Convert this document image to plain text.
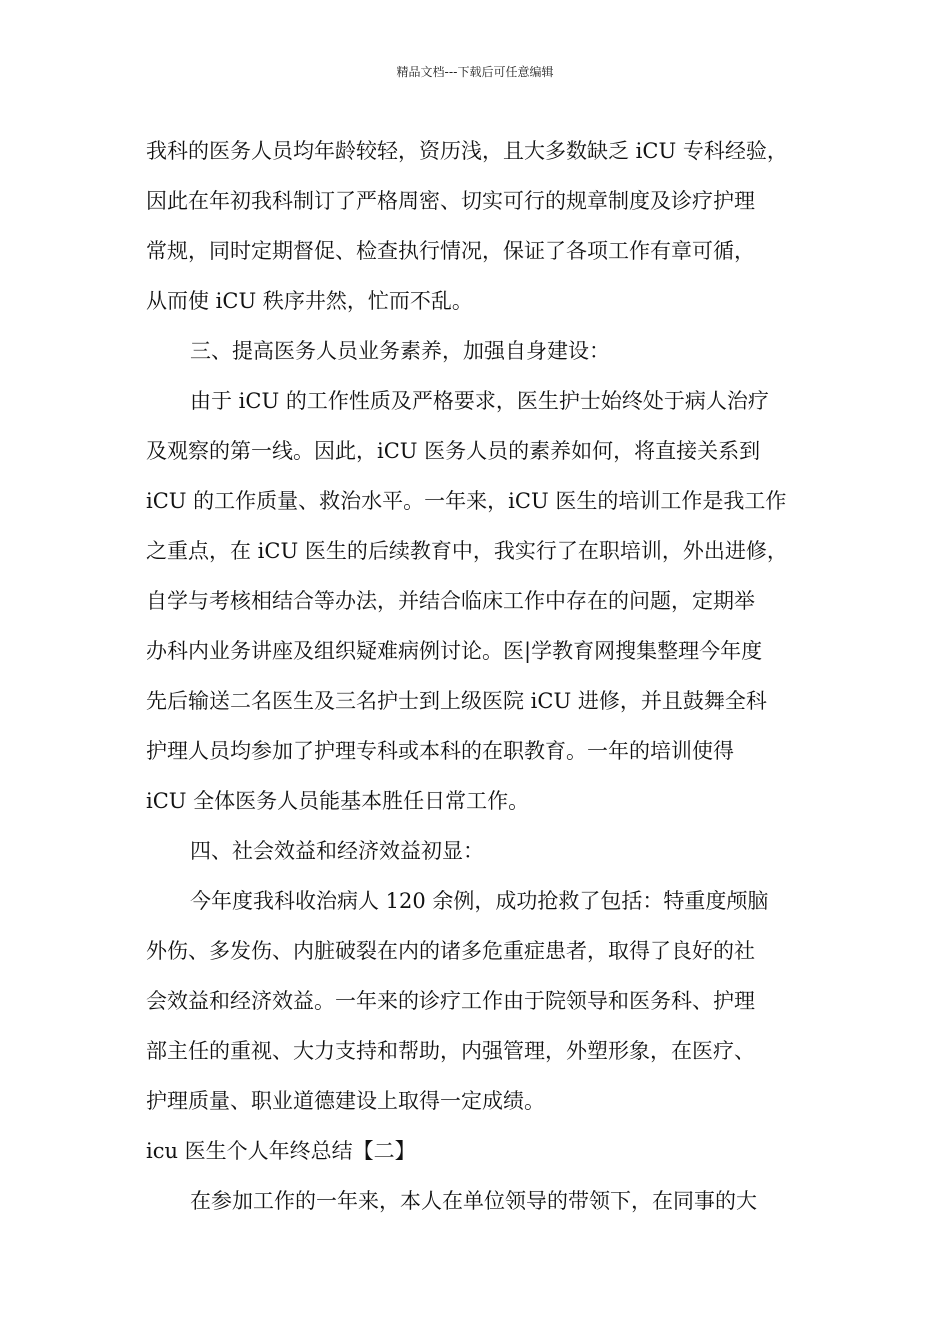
精品文档---下载后可任意编辑
我科的医务人员均年龄较轻，资历浅，且大多数缺乏 iCU 专科经验，
因此在年初我科制订了严格周密、切实可行的规章制度及诊疗护理
常规，同时定期督促、检查执行情况，保证了各项工作有章可循，
从而使 iCU 秩序井然，忙而不乱。
三、提高医务人员业务素养，加强自身建设：
由于 iCU 的工作性质及严格要求，医生护士始终处于病人治疗
及观察的第一线。因此，iCU 医务人员的素养如何，将直接关系到
iCU 的工作质量、救治水平。一年来，iCU 医生的培训工作是我工作
之重点，在 iCU 医生的后续教育中，我实行了在职培训，外出进修，
自学与考核相结合等办法，并结合临床工作中存在的问题，定期举
办科内业务讲座及组织疑难病例讨论。医|学教育网搜集整理今年度
先后输送二名医生及三名护士到上级医院 iCU 进修，并且鼓舞全科
护理人员均参加了护理专科或本科的在职教育。一年的培训使得
iCU 全体医务人员能基本胜任日常工作。
四、社会效益和经济效益初显：
今年度我科收治病人 120 余例，成功抢救了包括：特重度颅脑
外伤、多发伤、内脏破裂在内的诸多危重症患者，取得了良好的社
会效益和经济效益。一年来的诊疗工作由于院领导和医务科、护理
部主任的重视、大力支持和帮助，内强管理，外塑形象，在医疗、
护理质量、职业道德建设上取得一定成绩。
icu 医生个人年终总结【二】
在参加工作的一年来，本人在单位领导的带领下，在同事的大
